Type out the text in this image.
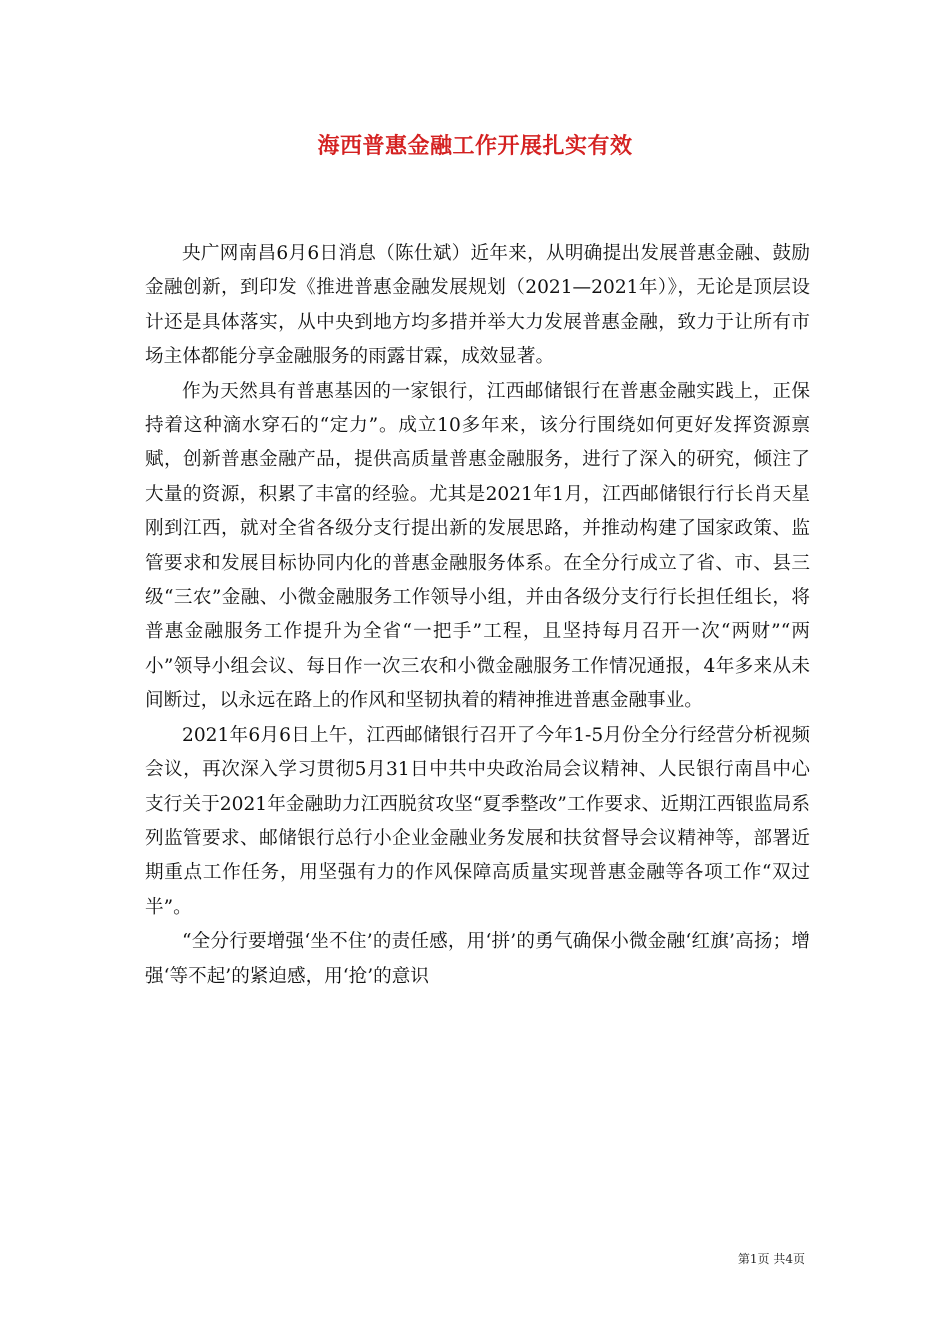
海西普惠金融工作开展扎实有效

央广网南昌6月6日消息（陈仕斌）近年来，从明确提出发展普惠金融、鼓励金融创新，到印发《推进普惠金融发展规划（2021—2021年）》，无论是顶层设计还是具体落实，从中央到地方均多措并举大力发展普惠金融，致力于让所有市场主体都能分享金融服务的雨露甘霖，成效显著。

作为天然具有普惠基因的一家银行，江西邮储银行在普惠金融实践上，正保持着这种滴水穿石的“定力”。成立10多年来，该分行围绕如何更好发挥资源禀赋，创新普惠金融产品，提供高质量普惠金融服务，进行了深入的研究，倾注了大量的资源，积累了丰富的经验。尤其是2021年1月，江西邮储银行行长肖天星刚到江西，就对全省各级分支行提出新的发展思路，并推动构建了国家政策、监管要求和发展目标协同内化的普惠金融服务体系。在全分行成立了省、市、县三级“三农”金融、小微金融服务工作领导小组，并由各级分支行行长担任组长，将普惠金融服务工作提升为全省“一把手”工程，且坚持每月召开一次“两财”“两小”领导小组会议、每日作一次三农和小微金融服务工作情况通报，4年多来从未间断过，以永远在路上的作风和坚韧执着的精神推进普惠金融事业。

2021年6月6日上午，江西邮储银行召开了今年1-5月份全分行经营分析视频会议，再次深入学习贯彻5月31日中共中央政治局会议精神、人民银行南昌中心支行关于2021年金融助力江西脱贫攻坚“夏季整改”工作要求、近期江西银监局系列监管要求、邮储银行总行小企业金融业务发展和扶贫督导会议精神等，部署近期重点工作任务，用坚强有力的作风保障高质量实现普惠金融等各项工作“双过半”。

“全分行要增强‘坐不住’的责任感，用‘拼’的勇气确保小微金融‘红旗’高扬；增强‘等不起’的紧迫感，用‘抢’的意识

第1页 共4页
